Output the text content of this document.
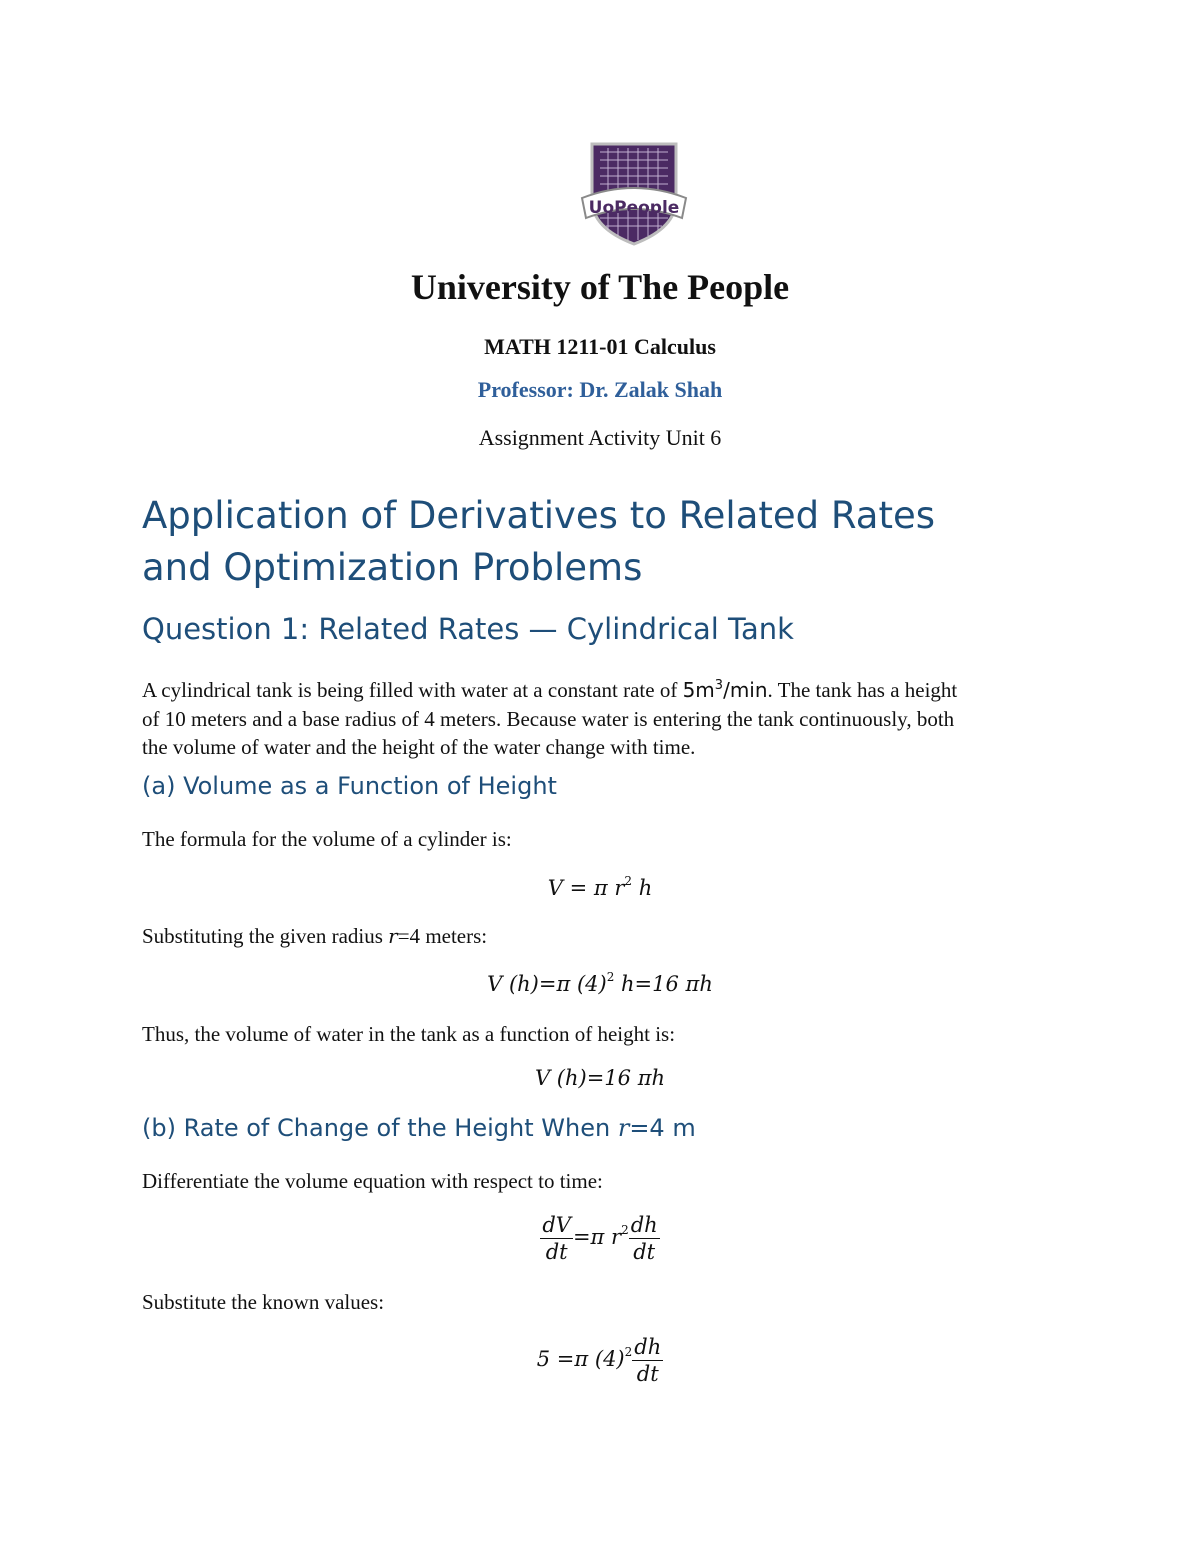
UoPeople
University of The People
MATH 1211-01 Calculus
Professor: Dr. Zalak Shah
Assignment Activity Unit 6
Application of Derivatives to Related Rates
and Optimization Problems
Question 1: Related Rates — Cylindrical Tank
A cylindrical tank is being filled with water at a constant rate of $5m^3/\min$. The tank has a height
of 10 meters and a base radius of 4 meters. Because water is entering the tank continuously, both
the volume of water and the height of the water change with time.
(a) Volume as a Function of Height
The formula for the volume of a cylinder is:
V = π $r^2$ h
Substituting the given radius r=4 meters:
V (h)=π $(4)^2$ h=16 πh
Thus, the volume of water in the tank as a function of height is:
V (h)=16 πh
(b) Rate of Change of the Height When r=4 m
Differentiate the volume equation with respect to time:
$\frac{dV}{dt} =\pi$ $r^2 \frac{dh}{dt}$
Substitute the known values:
5 =π $(4)^2 \frac{dh}{dt}$
